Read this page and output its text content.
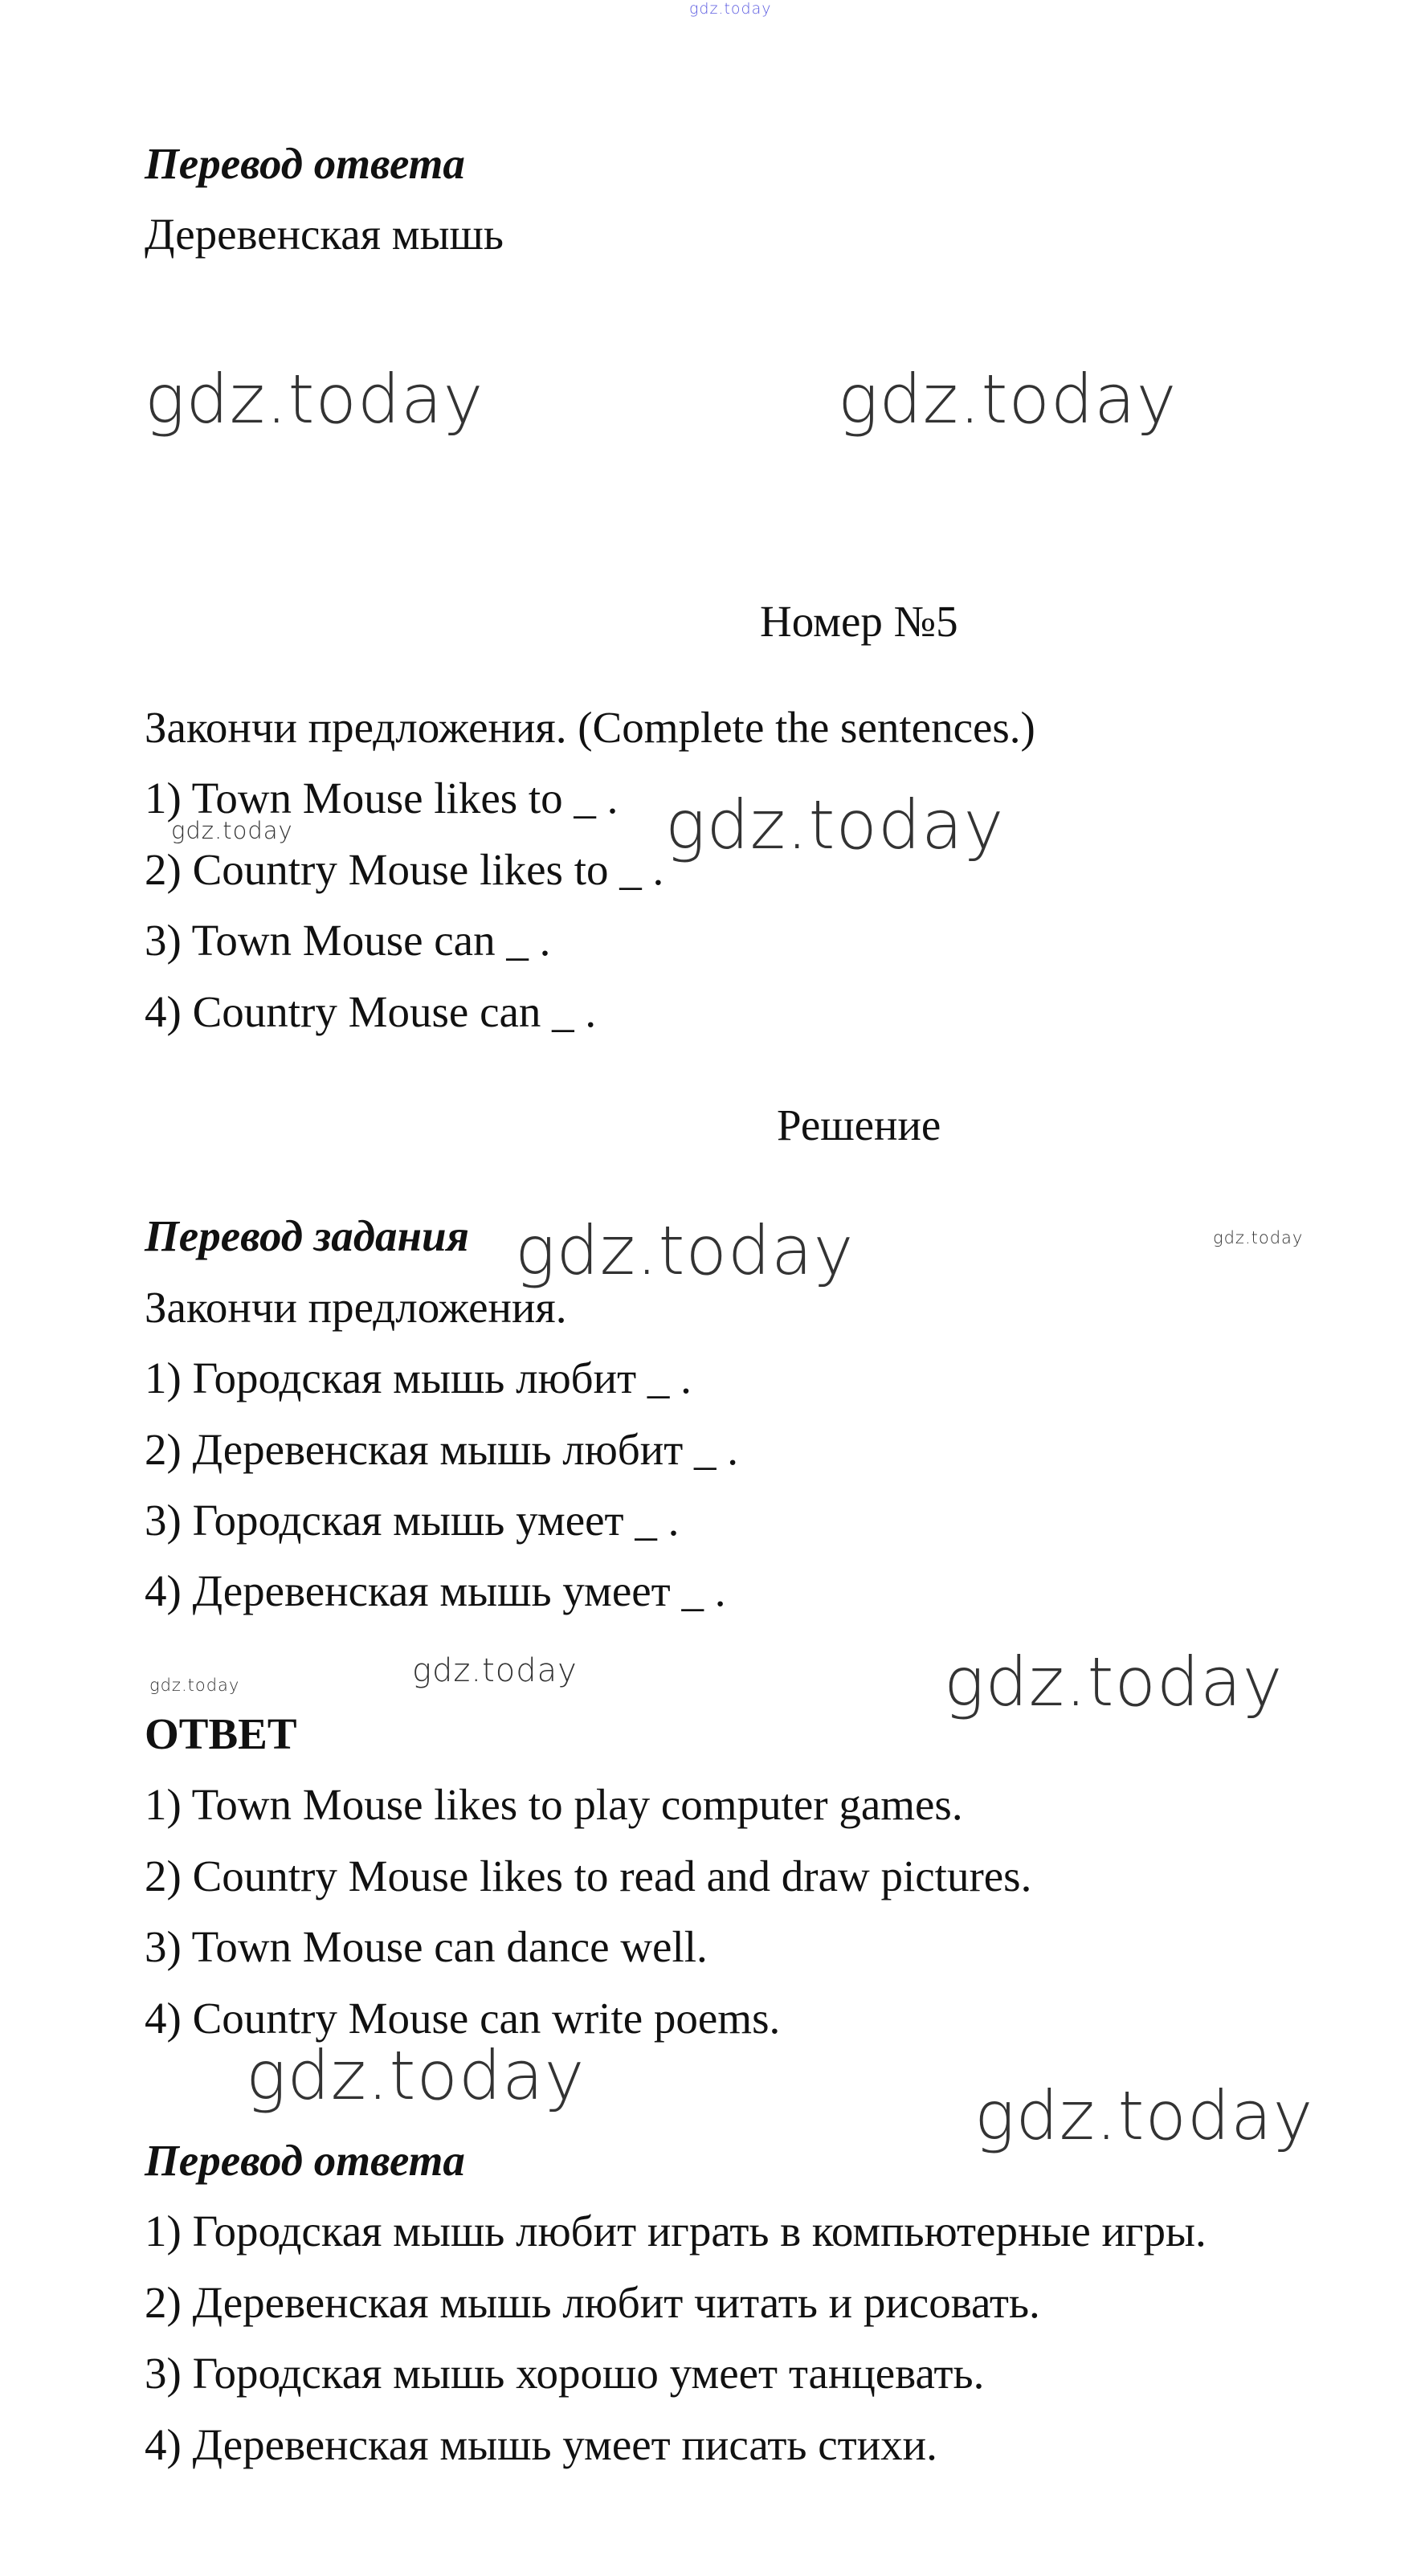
gdz.today
gdz.today	gdz.today
gdz.today
gdz.today
gdz.today	gdz.today
gdz.today	gdz.today	gdz.today
gdz.today
gdz.today
Перевод ответа
Деревенская мышь
Номер №5
Закончи предложения. (Complete the sentences.)
1) Town Mouse likes to _ .
2) Country Mouse likes to _ .
3) Town Mouse can _ .
4) Country Mouse can _ .
Решение
Перевод задания
Закончи предложения.
1) Городская мышь любит _ .
2) Деревенская мышь любит _ .
3) Городская мышь умеет _ .
4) Деревенская мышь умеет _ .
ОТВЕТ
1) Town Mouse likes to play computer games.
2) Country Mouse likes to read and draw pictures.
3) Town Mouse can dance well.
4) Country Mouse can write poems.
Перевод ответа
1) Городская мышь любит играть в компьютерные игры.
2) Деревенская мышь любит читать и рисовать.
3) Городская мышь хорошо умеет танцевать.
4) Деревенская мышь умеет писать стихи.
